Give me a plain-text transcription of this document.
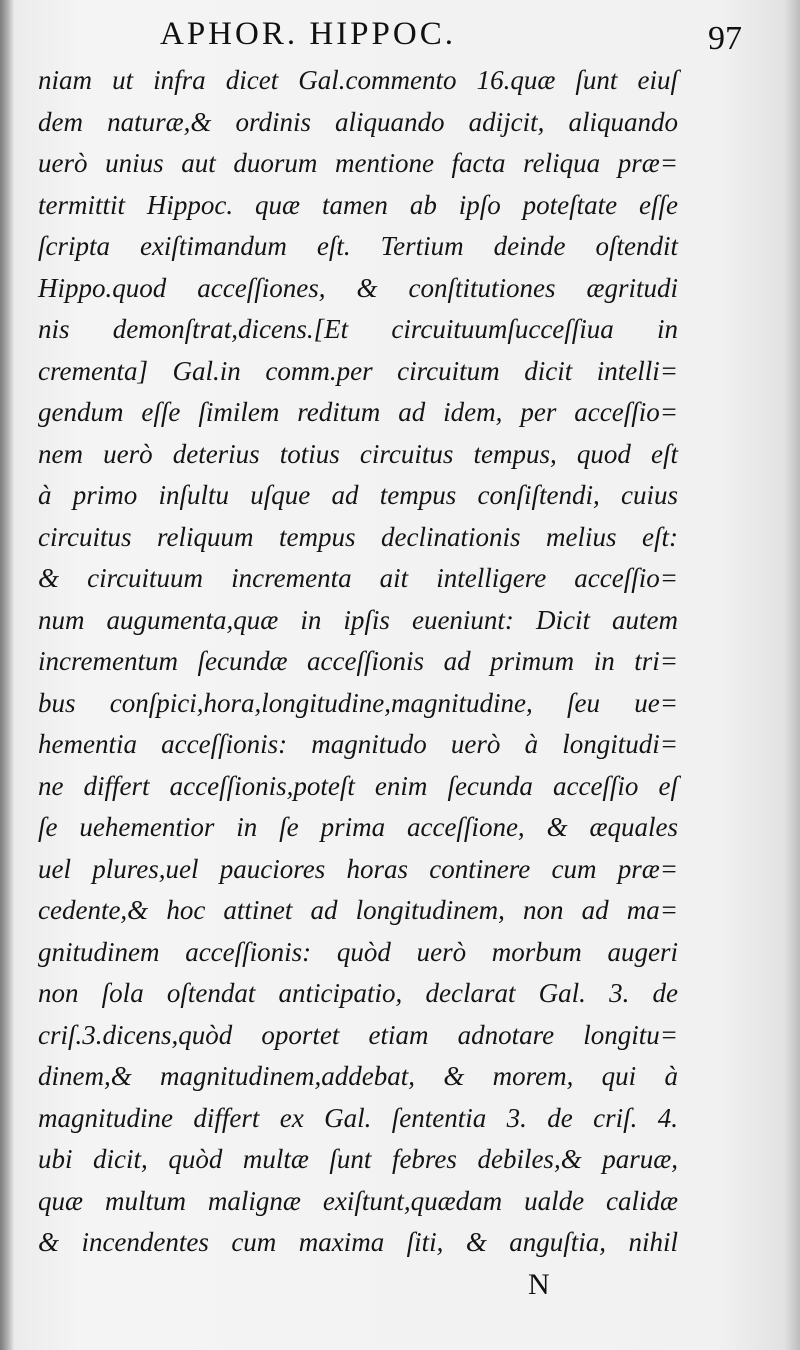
APHOR. HIPPOC.	97
niam ut infra dicet Gal.commento 16.quæ ſunt eiuſ
dem naturæ,& ordinis aliquando adijcit, aliquando
uerò unius aut duorum mentione facta reliqua præ=
termittit Hippoc. quæ tamen ab ipſo poteſtate eſſe
ſcripta exiſtimandum eſt. Tertium deinde oſtendit
Hippo.quod acceſſiones, & conſtitutiones ægritudi
nis demonſtrat,dicens.[Et circuituumſucceſſiua in
crementa] Gal.in comm.per circuitum dicit intelli=
gendum eſſe ſimilem reditum ad idem, per acceſſio=
nem uerò deterius totius circuitus tempus, quod eſt
à primo inſultu uſque ad tempus conſiſtendi, cuius
circuitus reliquum tempus declinationis melius eſt:
& circuituum incrementa ait intelligere acceſſio=
num augumenta,quæ in ipſis eueniunt: Dicit autem
incrementum ſecundæ acceſſionis ad primum in tri=
bus conſpici,hora,longitudine,magnitudine, ſeu ue=
hementia acceſſionis: magnitudo uerò à longitudi=
ne differt acceſſionis,poteſt enim ſecunda acceſſio eſ
ſe uehementior in ſe prima acceſſione, & æquales
uel plures,uel pauciores horas continere cum præ=
cedente,& hoc attinet ad longitudinem, non ad ma=
gnitudinem acceſſionis: quòd uerò morbum augeri
non ſola oſtendat anticipatio, declarat Gal. 3. de
criſ.3.dicens,quòd oportet etiam adnotare longitu=
dinem,& magnitudinem,addebat, & morem, qui à
magnitudine differt ex Gal. ſententia 3. de criſ. 4.
ubi dicit, quòd multæ ſunt febres debiles,& paruæ,
quæ multum malignæ exiſtunt,quædam ualde calidæ
& incendentes cum maxima ſiti, & anguſtia, nihil
N
